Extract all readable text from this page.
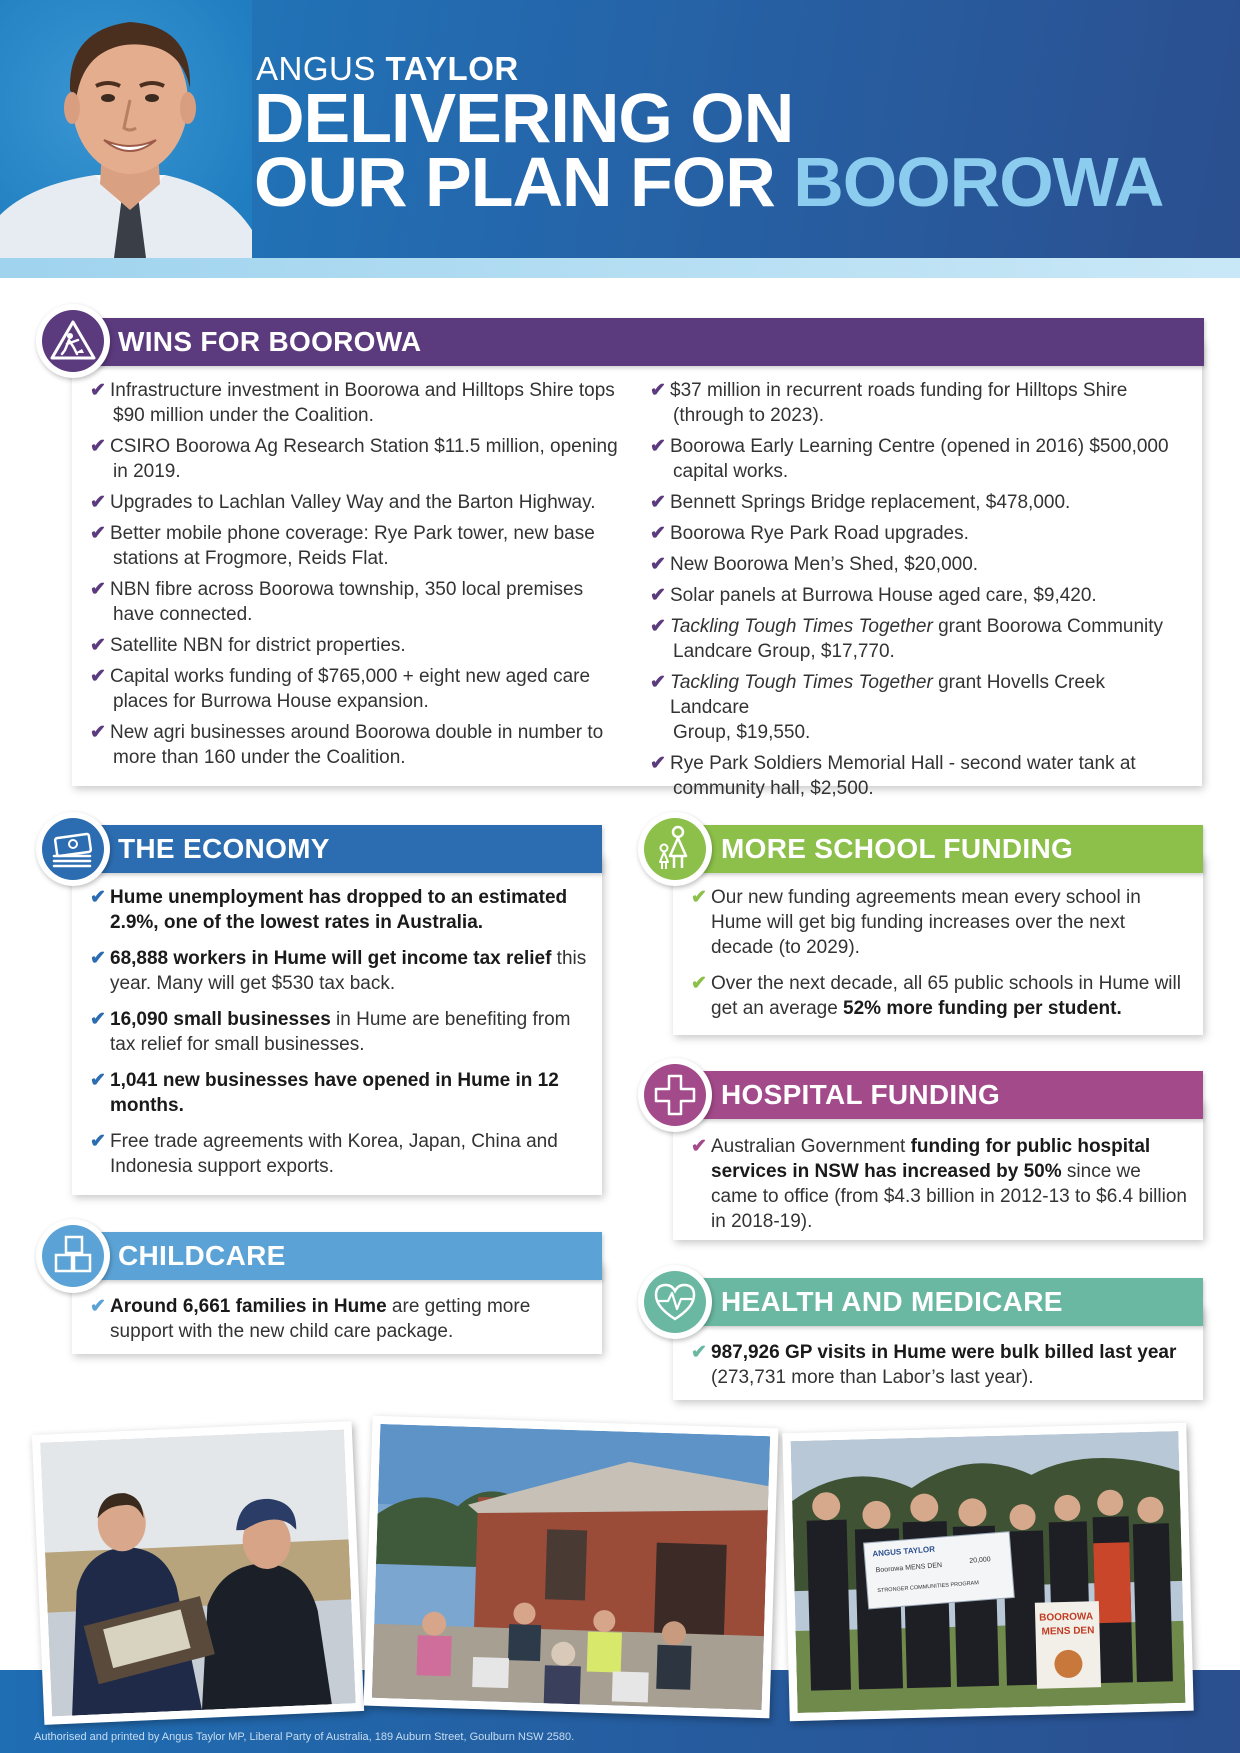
ANGUS TAYLOR
DELIVERING ON
OUR PLAN FOR BOOROWA
✔ Infrastructure investment in Boorowa and Hilltops Shire tops
$90 million under the Coalition.
✔ CSIRO Boorowa Ag Research Station $11.5 million, opening
in 2019.
✔ Upgrades to Lachlan Valley Way and the Barton Highway.
✔ Better mobile phone coverage: Rye Park tower, new base
stations at Frogmore, Reids Flat.
✔ NBN fibre across Boorowa township, 350 local premises
have connected.
✔ Satellite NBN for district properties.
✔ Capital works funding of $765,000 + eight new aged care
places for Burrowa House expansion.
✔ New agri businesses around Boorowa double in number to
more than 160 under the Coalition.
✔ $37 million in recurrent roads funding for Hilltops Shire
(through to 2023).
✔ Boorowa Early Learning Centre (opened in 2016) $500,000
capital works.
✔ Bennett Springs Bridge replacement, $478,000.
✔ Boorowa Rye Park Road upgrades.
✔ New Boorowa Men’s Shed, $20,000.
✔ Solar panels at Burrowa House aged care, $9,420.
✔ Tackling Tough Times Together grant Boorowa Community
Landcare Group, $17,770.
✔ Tackling Tough Times Together grant Hovells Creek Landcare
Group, $19,550.
✔ Rye Park Soldiers Memorial Hall - second water tank at
community hall, $2,500.
WINS FOR BOOROWA
✔ Hume unemployment has dropped to an estimated 2.9%, one of the lowest rates in Australia.
✔ 68,888 workers in Hume will get income tax relief this year. Many will get $530 tax back.
✔ 16,090 small businesses in Hume are benefiting from tax relief for small businesses.
✔ 1,041 new businesses have opened in Hume in 12 months.
✔ Free trade agreements with Korea, Japan, China and Indonesia support exports.
THE ECONOMY
✔ Around 6,661 families in Hume are getting more support with the new child care package.
CHILDCARE
✔ Our new funding agreements mean every school in Hume will get big funding increases over the next decade (to 2029).
✔ Over the next decade, all 65 public schools in Hume will get an average 52% more funding per student.
MORE SCHOOL FUNDING
✔ Australian Government funding for public hospital services in NSW has increased by 50% since we came to office (from $4.3 billion in 2012-13 to $6.4 billion in 2018-19).
HOSPITAL FUNDING
✔ 987,926 GP visits in Hume were bulk billed last year (273,731 more than Labor’s last year).
HEALTH AND MEDICARE
ANGUS TAYLOR
Boorowa MENS DEN
20,000
STRONGER COMMUNITIES PROGRAM
BOOROWA
MENS DEN
Authorised and printed by Angus Taylor MP, Liberal Party of Australia, 189 Auburn Street, Goulburn NSW 2580.
